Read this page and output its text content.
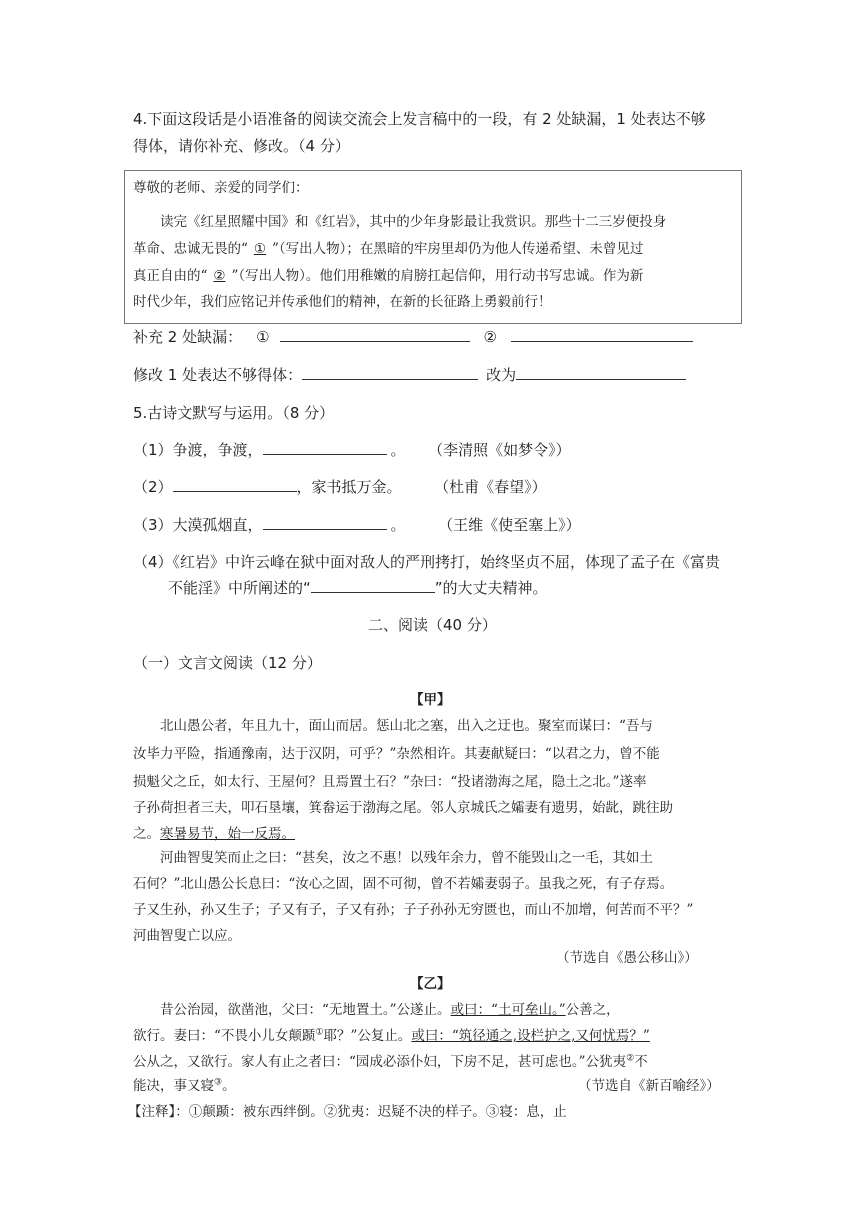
4.下面这段话是小语准备的阅读交流会上发言稿中的一段，有 2 处缺漏，1 处表达不够
得体，请你补充、修改。（4 分）
尊敬的老师、亲爱的同学们：
读完《红星照耀中国》和《红岩》，其中的少年身影最让我赏识。那些十二三岁便投身
革命、忠诚无畏的“ ① ”（写出人物）；在黑暗的牢房里却仍为他人传递希望、未曾见过
真正自由的“ ② ”（写出人物）。他们用稚嫩的肩膀扛起信仰，用行动书写忠诚。作为新
时代少年，我们应铭记并传承他们的精神，在新的长征路上勇毅前行！
补充 2 处缺漏： ①	②
修改 1 处表达不够得体：	改为
5.古诗文默写与运用。（8 分）
（1）争渡，争渡，	。 （李清照《如梦令》）
（2）	，家书抵万金。	（杜甫《春望》）
（3）大漠孤烟直，	。	（王维《使至塞上》）
（4）《红岩》中许云峰在狱中面对敌人的严刑拷打，始终坚贞不屈，体现了孟子在《富贵
不能淫》中所阐述的“	”的大丈夫精神。
二、阅读（40 分）
（一）文言文阅读（12 分）
【甲】
北山愚公者，年且九十，面山而居。惩山北之塞，出入之迂也。聚室而谋曰：“吾与
汝毕力平险，指通豫南，达于汉阴，可乎？”杂然相许。其妻献疑曰：“以君之力，曾不能
损魁父之丘，如太行、王屋何？且焉置土石？”杂曰：“投诸渤海之尾，隐土之北。”遂率
子孙荷担者三夫，叩石垦壤，箕畚运于渤海之尾。邻人京城氏之孀妻有遗男，始龀，跳往助
之。寒暑易节，始一反焉。
河曲智叟笑而止之曰：“甚矣，汝之不惠！以残年余力，曾不能毁山之一毛，其如土
石何？”北山愚公长息曰：“汝心之固，固不可彻，曾不若孀妻弱子。虽我之死，有子存焉。
子又生孙，孙又生子；子又有子，子又有孙；子子孙孙无穷匮也，而山不加增，何苦而不平？”
河曲智叟亡以应。
（节选自《愚公移山》）
【乙】
昔公治园，欲凿池，父曰：“无地置土。”公遂止。或曰：“土可垒山。”公善之，
欲行。妻曰：“不畏小儿女颠踬①耶？”公复止。或曰：“筑径通之,设栏护之,又何忧焉？”
公从之，又欲行。家人有止之者曰：“园成必添仆妇，下房不足，甚可虑也。”公犹夷②不
能决，事又寝③。	（节选自《新百喻经》）
【注释】：①颠踬：被东西绊倒。②犹夷：迟疑不决的样子。③寝：息，止
